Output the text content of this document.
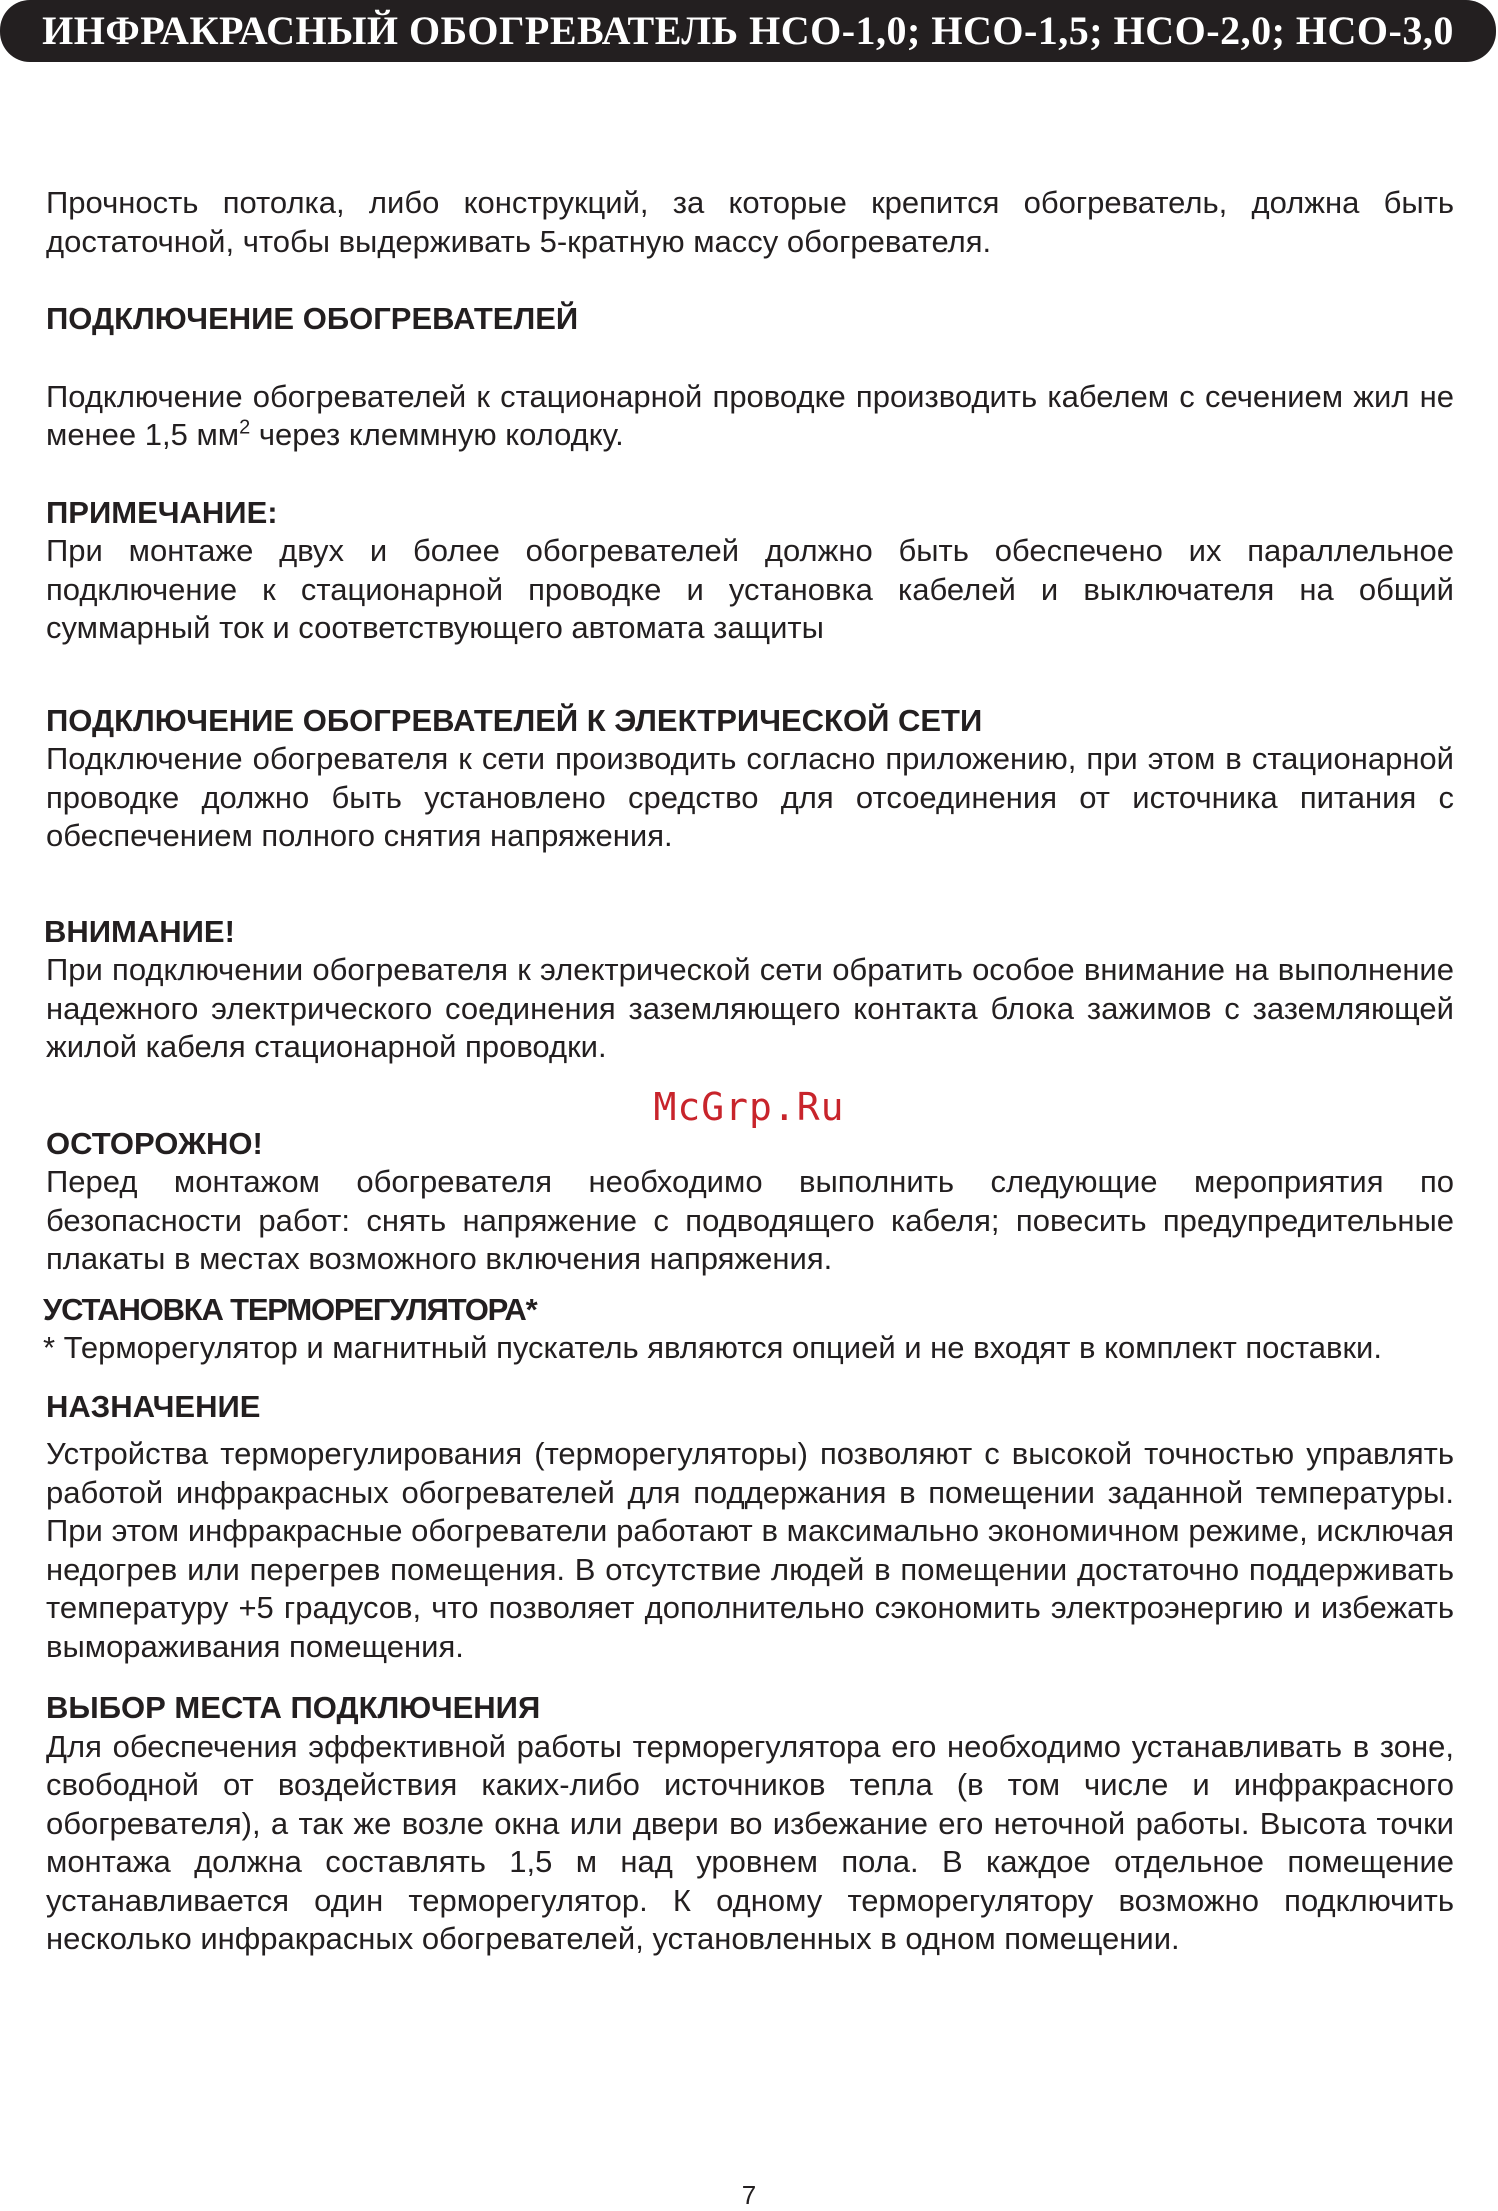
ИНФРАКРАСНЫЙ ОБОГРЕВАТЕЛЬ НСО-1,0; НСО-1,5; НСО-2,0; НСО-3,0

Прочность потолка, либо конструкций, за которые крепится обогреватель, должна быть достаточной, чтобы выдерживать 5-кратную массу обогревателя.

ПОДКЛЮЧЕНИЕ ОБОГРЕВАТЕЛЕЙ

Подключение обогревателей к стационарной проводке производить кабелем с сечением жил не менее 1,5 $мм^2$ через клеммную колодку.

ПРИМЕЧАНИЕ:

При монтаже двух и более обогревателей должно быть обеспечено их параллельное подключение к стационарной проводке и установка кабелей и выключателя на общий суммарный ток и соответствующего автомата защиты

ПОДКЛЮЧЕНИЕ ОБОГРЕВАТЕЛЕЙ К ЭЛЕКТРИЧЕСКОЙ СЕТИ

Подключение обогревателя к сети производить согласно приложению, при этом в стационарной проводке должно быть установлено средство для отсоединения от источника питания с обеспечением полного снятия напряжения.

ВНИМАНИЕ!

При подключении обогревателя к электрической сети обратить особое внимание на выполнение надежного электрического соединения заземляющего контакта блока зажимов с заземляющей жилой кабеля стационарной проводки.

ОСТОРОЖНО!

Перед монтажом обогревателя необходимо выполнить следующие мероприятия по безопасности работ: снять напряжение с подводящего кабеля; повесить предупредительные плакаты в местах возможного включения напряжения.

УСТАНОВКА ТЕРМОРЕГУЛЯТОРА*

* Терморегулятор и магнитный пускатель являются опцией и не входят в комплект поставки.

НАЗНАЧЕНИЕ

Устройства терморегулирования (терморегуляторы) позволяют с высокой точностью управлять работой инфракрасных обогревателей для поддержания в помещении заданной температуры. При этом инфракрасные обогреватели работают в максимально экономичном режиме, исключая недогрев или перегрев помещения. В отсутствие людей в помещении достаточно поддерживать температуру +5 градусов, что позволяет дополнительно сэкономить электроэнергию и избежать вымораживания помещения.

ВЫБОР МЕСТА ПОДКЛЮЧЕНИЯ

Для обеспечения эффективной работы терморегулятора его необходимо устанавливать в зоне, свободной от воздействия каких-либо источников тепла (в том числе и инфракрасного обогревателя), а так же возле окна или двери во избежание его неточной работы. Высота точки монтажа должна составлять 1,5 м над уровнем пола. В каждое отдельное помещение устанавливается один терморегулятор. К одному терморегулятору возможно подключить несколько инфракрасных обогревателей, установленных в одном помещении.

McGrp.Ru
7
